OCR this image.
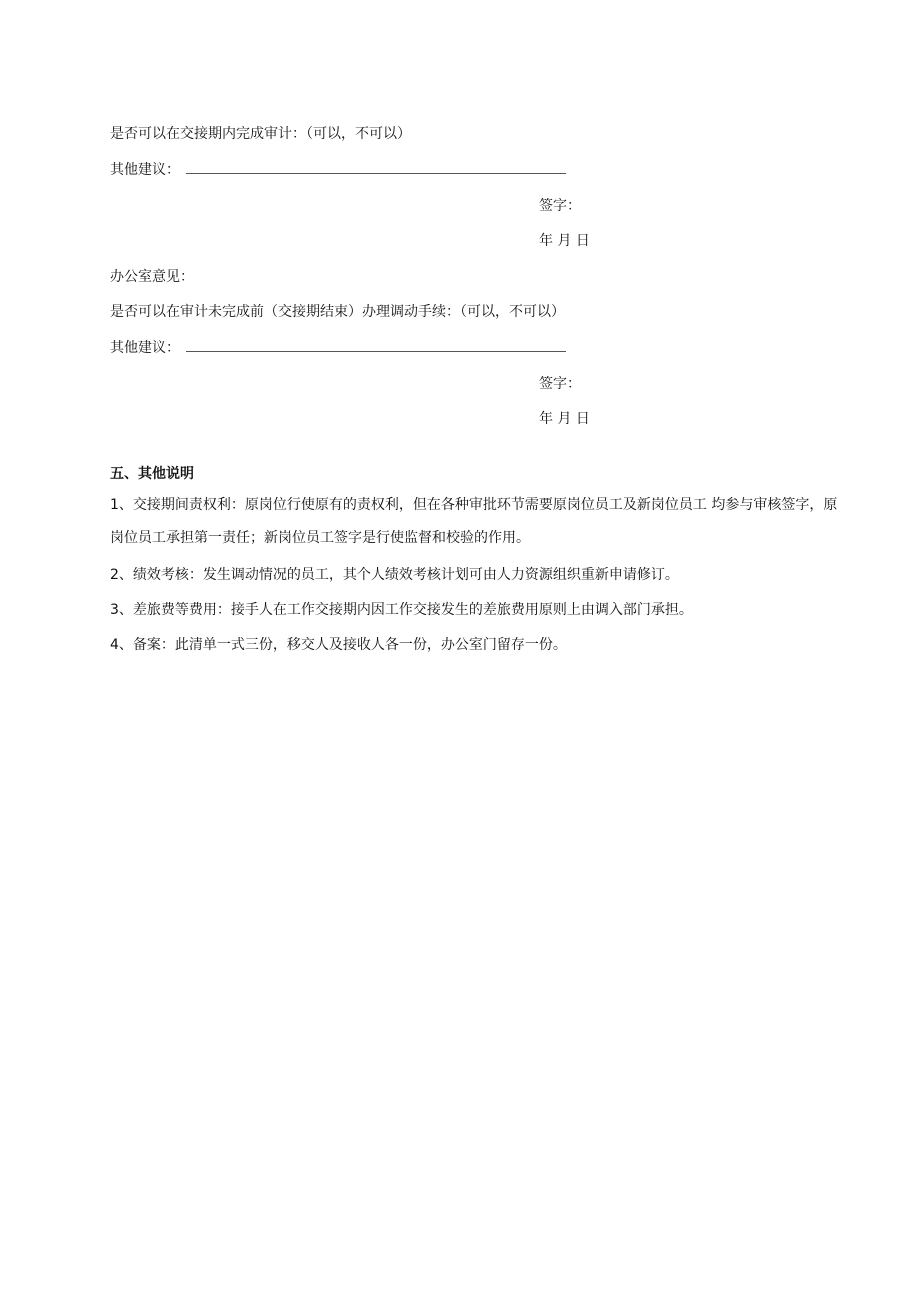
是否可以在交接期内完成审计：（可以，不可以）
其他建议：
签字：
年 月 日
办公室意见：
是否可以在审计未完成前（交接期结束）办理调动手续：（可以，不可以）
其他建议：
签字：
年 月 日
五、其他说明
1、交接期间责权利：原岗位行使原有的责权利，但在各种审批环节需要原岗位员工及新岗位员工 均参与审核签字，原岗位员工承担第一责任；新岗位员工签字是行使监督和校验的作用。
2、绩效考核：发生调动情况的员工，其个人绩效考核计划可由人力资源组织重新申请修订。
3、差旅费等费用：接手人在工作交接期内因工作交接发生的差旅费用原则上由调入部门承担。
4、备案：此清单一式三份，移交人及接收人各一份，办公室门留存一份。
